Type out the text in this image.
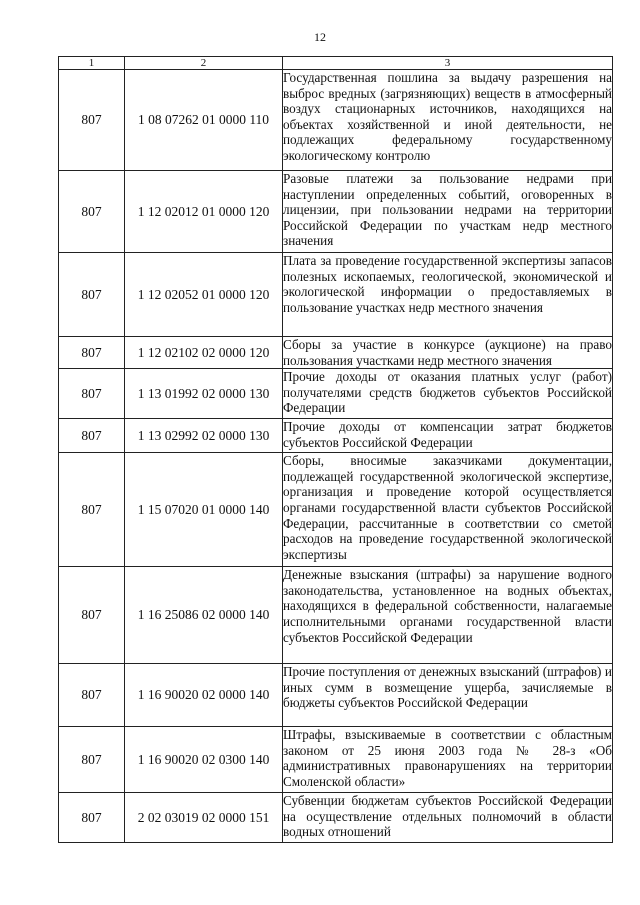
12
1	2	3
807	1 08 07262 01 0000 110	Государственная пошлина за выдачу разрешения на выброс вредных (загрязняющих) веществ в атмосферный воздух стационарных источников, находящихся на объектах хозяйственной и иной деятельности, не подлежащих федеральному государственному экологическому контролю
807	1 12 02012 01 0000 120	Разовые платежи за пользование недрами при наступлении определенных событий, оговоренных в лицензии, при пользовании недрами на территории Российской Федерации по участкам недр местного значения
807	1 12 02052 01 0000 120	Плата за проведение государственной экспертизы запасов полезных ископаемых, геологической, экономической и экологической информации о предоставляемых в пользование участках недр местного значения
807	1 12 02102 02 0000 120	Сборы за участие в конкурсе (аукционе) на право пользования участками недр местного значения
807	1 13 01992 02 0000 130	Прочие доходы от оказания платных услуг (работ) получателями средств бюджетов субъектов Российской Федерации
807	1 13 02992 02 0000 130	Прочие доходы от компенсации затрат бюджетов субъектов Российской Федерации
807	1 15 07020 01 0000 140	Сборы, вносимые заказчиками документации, подлежащей государственной экологической экспертизе, организация и проведение которой осуществляется органами государственной власти субъектов Российской Федерации, рассчитанные в соответствии со сметой расходов на проведение государственной экологической экспертизы
807	1 16 25086 02 0000 140	Денежные взыскания (штрафы) за нарушение водного законодательства, установленное на водных объектах, находящихся в федеральной собственности, налагаемые исполнительными органами государственной власти субъектов Российской Федерации
807	1 16 90020 02 0000 140	Прочие поступления от денежных взысканий (штрафов) и иных сумм в возмещение ущерба, зачисляемые в бюджеты субъектов Российской Федерации
807	1 16 90020 02 0300 140	Штрафы, взыскиваемые в соответствии с областным законом от 25 июня 2003 года № 28-з «Об административных правонарушениях на территории Смоленской области»
807	2 02 03019 02 0000 151	Субвенции бюджетам субъектов Российской Федерации на осуществление отдельных полномочий в области водных отношений
